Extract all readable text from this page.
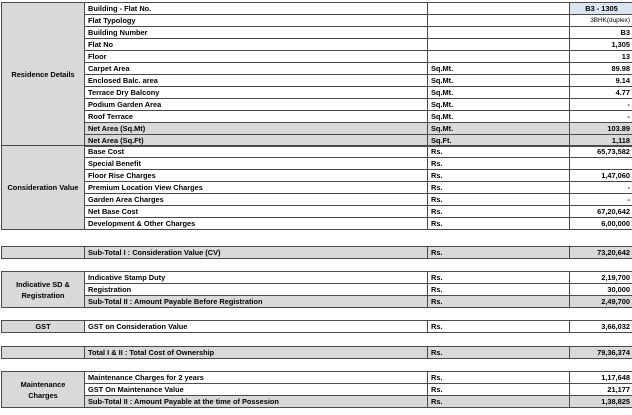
Residence Details	Building - Flat No.		B3 - 1305
	Flat Typology		3BHK(duplex)
	Building Number		B3
	Flat No		1,305
	Floor		13
	Carpet Area	Sq.Mt.	89.98
	Enclosed Balc. area	Sq.Mt.	9.14
	Terrace Dry Balcony	Sq.Mt.	4.77
	Podium Garden Area	Sq.Mt.	-
	Roof Terrace	Sq.Mt.	-
	Net Area (Sq.Mt)	Sq.Mt.	103.89
	Net Area (Sq.Ft)	Sq.Ft.	1,118
Consideration Value	Base Cost	Rs.	65,73,582
	Special Benefit	Rs.	
	Floor Rise Charges	Rs.	1,47,060
	Premium Location View Charges	Rs.	-
	Garden Area Charges	Rs.	-
	Net Base Cost	Rs.	67,20,642
	Development & Other Charges	Rs.	6,00,000
	Sub-Total I : Consideration Value (CV)	Rs.	73,20,642
Indicative SD & Registration	Indicative Stamp Duty	Rs.	2,19,700
	Registration	Rs.	30,000
	Sub-Total II : Amount Payable Before Registration	Rs.	2,49,700
GST	GST on Consideration Value	Rs.	3,66,032
	Total I & II : Total Cost of Ownership	Rs.	79,36,374
Maintenance Charges	Maintenance Charges for 2 years	Rs.	1,17,648
	GST On Maintenance Value	Rs.	21,177
	Sub-Total II : Amount Payable at the time of Possesion	Rs.	1,38,825
